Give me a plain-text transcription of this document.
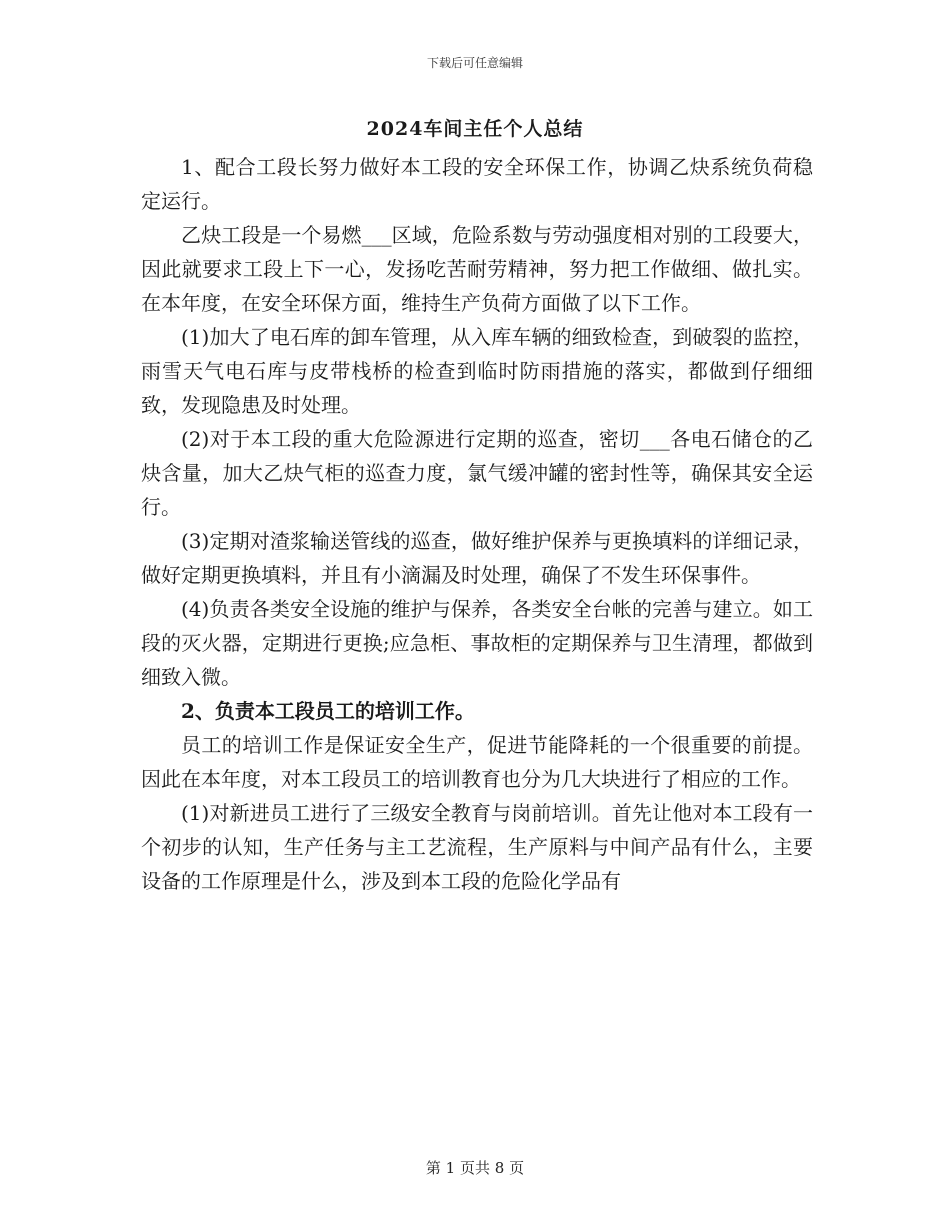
下载后可任意编辑
2024车间主任个人总结

1、配合工段长努力做好本工段的安全环保工作，协调乙炔系统负荷稳定运行。

乙炔工段是一个易燃___区域，危险系数与劳动强度相对别的工段要大，因此就要求工段上下一心，发扬吃苦耐劳精神，努力把工作做细、做扎实。在本年度，在安全环保方面，维持生产负荷方面做了以下工作。

(1)加大了电石库的卸车管理，从入库车辆的细致检查，到破裂的监控，雨雪天气电石库与皮带栈桥的检查到临时防雨措施的落实，都做到仔细细致，发现隐患及时处理。

(2)对于本工段的重大危险源进行定期的巡查，密切___各电石储仓的乙炔含量，加大乙炔气柜的巡查力度，氯气缓冲罐的密封性等，确保其安全运行。

(3)定期对渣浆输送管线的巡查，做好维护保养与更换填料的详细记录，做好定期更换填料，并且有小滴漏及时处理，确保了不发生环保事件。

(4)负责各类安全设施的维护与保养，各类安全台帐的完善与建立。如工段的灭火器，定期进行更换;应急柜、事故柜的定期保养与卫生清理，都做到细致入微。

2、负责本工段员工的培训工作。

员工的培训工作是保证安全生产，促进节能降耗的一个很重要的前提。因此在本年度，对本工段员工的培训教育也分为几大块进行了相应的工作。

(1)对新进员工进行了三级安全教育与岗前培训。首先让他对本工段有一个初步的认知，生产任务与主工艺流程，生产原料与中间产品有什么，主要设备的工作原理是什么，涉及到本工段的危险化学品有

第 1 页共 8 页
